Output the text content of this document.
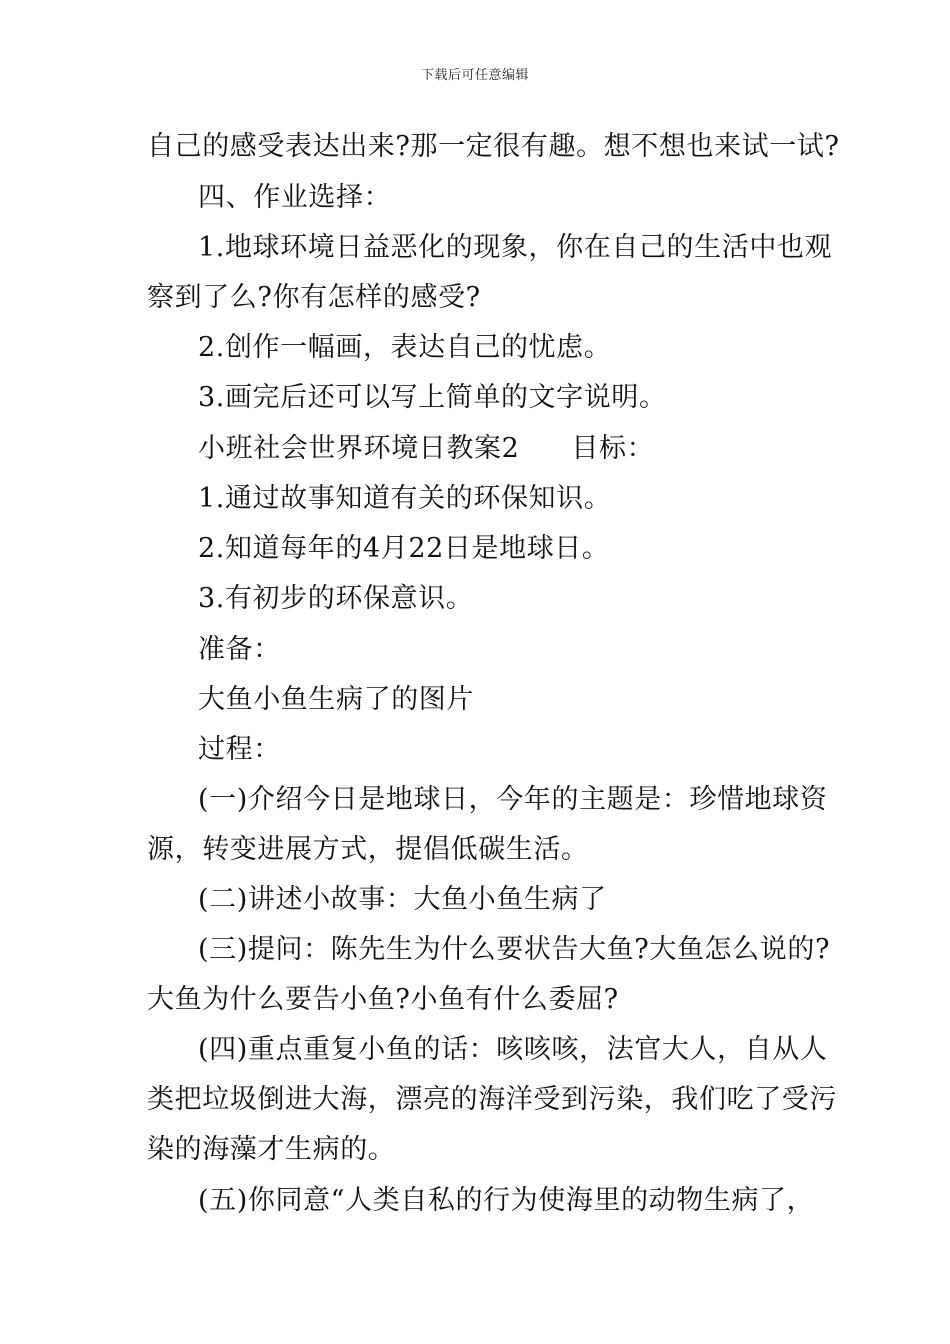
下载后可任意编辑
自己的感受表达出来?那一定很有趣。想不想也来试一试?
四、作业选择：
1.地球环境日益恶化的现象，你在自己的生活中也观
察到了么?你有怎样的感受?
2.创作一幅画，表达自己的忧虑。
3.画完后还可以写上简单的文字说明。
小班社会世界环境日教案2 目标：
1.通过故事知道有关的环保知识。
2.知道每年的4月22日是地球日。
3.有初步的环保意识。
准备：
大鱼小鱼生病了的图片
过程：
(一)介绍今日是地球日，今年的主题是：珍惜地球资
源，转变进展方式，提倡低碳生活。
(二)讲述小故事：大鱼小鱼生病了
(三)提问：陈先生为什么要状告大鱼?大鱼怎么说的?
大鱼为什么要告小鱼?小鱼有什么委屈?
(四)重点重复小鱼的话：咳咳咳，法官大人，自从人
类把垃圾倒进大海，漂亮的海洋受到污染，我们吃了受污
染的海藻才生病的。
(五)你同意“人类自私的行为使海里的动物生病了，
